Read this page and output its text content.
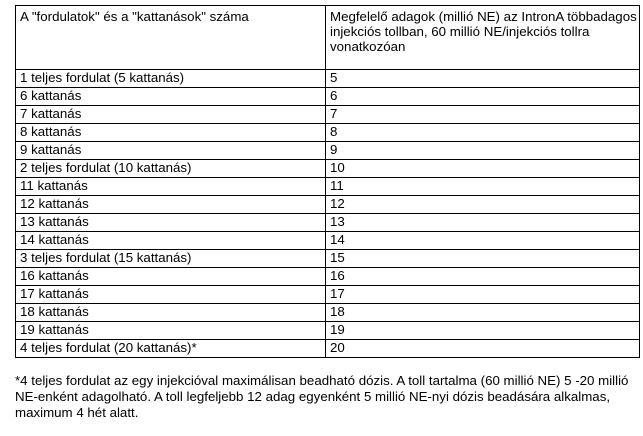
A "fordulatok" és a "kattanások" száma	Megfelelő adagok (millió NE) az IntronA többadagos injekciós tollban, 60 millió NE/injekciós tollra vonatkozóan
1 teljes fordulat (5 kattanás)	5
6 kattanás	6
7 kattanás	7
8 kattanás	8
9 kattanás	9
2 teljes fordulat (10 kattanás)	10
11 kattanás	11
12 kattanás	12
13 kattanás	13
14 kattanás	14
3 teljes fordulat (15 kattanás)	15
16 kattanás	16
17 kattanás	17
18 kattanás	18
19 kattanás	19
4 teljes fordulat (20 kattanás)*	20
*4 teljes fordulat az egy injekcióval maximálisan beadható dózis. A toll tartalma (60 millió NE) 5 -20 millió NE-enként adagolható. A toll legfeljebb 12 adag egyenként 5 millió NE-nyi dózis beadására alkalmas, maximum 4 hét alatt.
